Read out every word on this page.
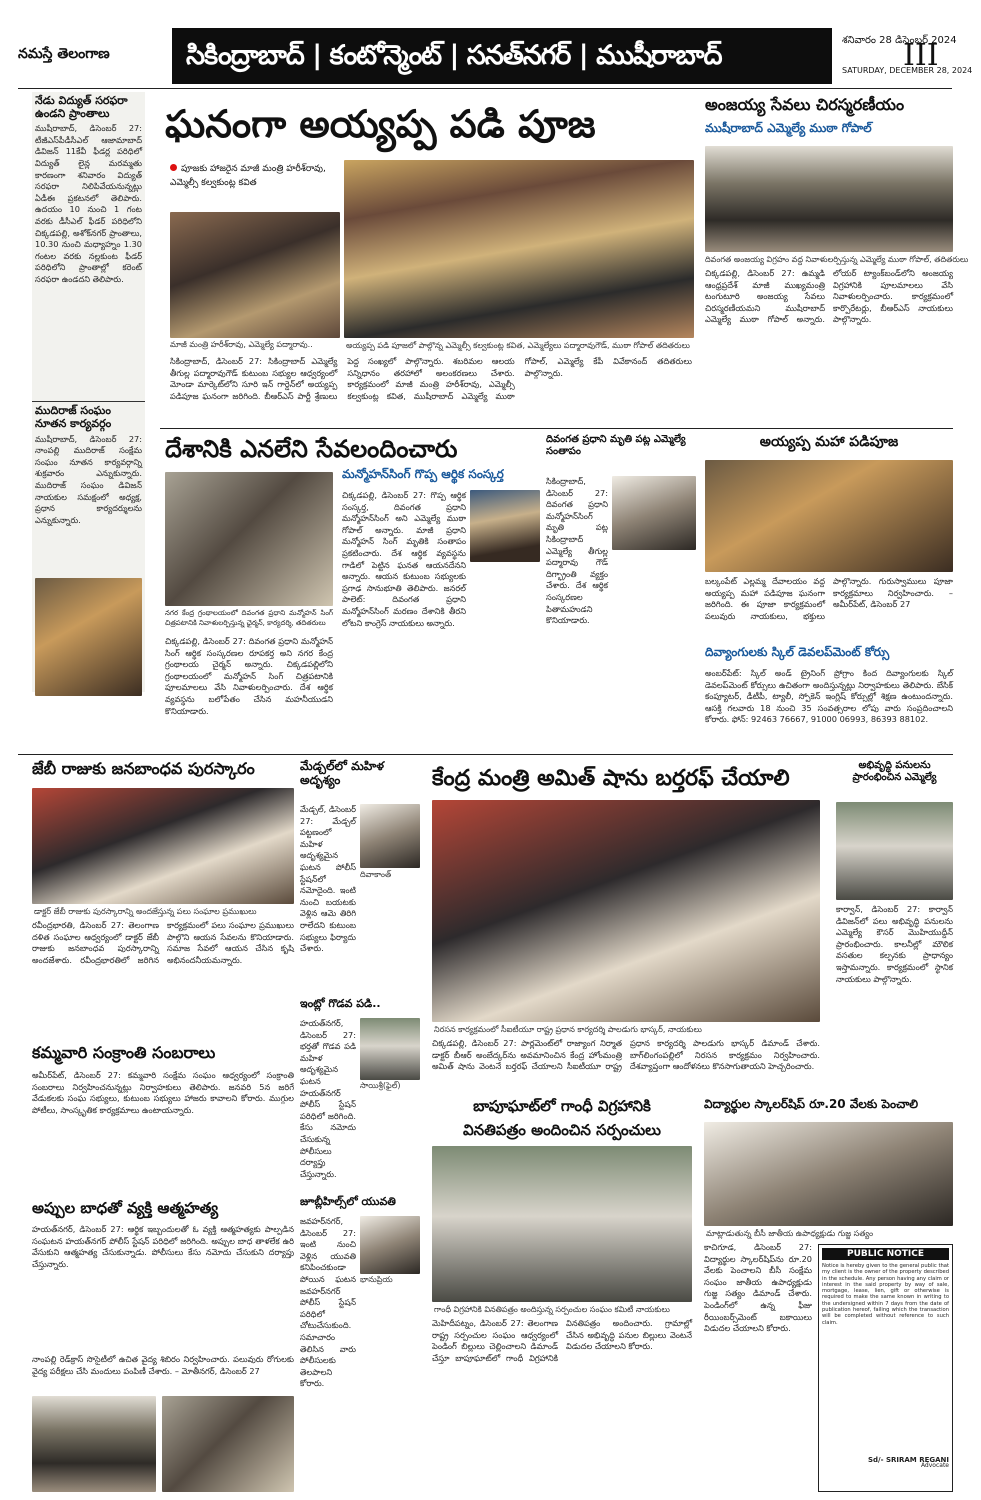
నమస్తే తెలంగాణ	సికింద్రాబాద్ | కంటోన్మెంట్ | సనత్‌నగర్ | ముషీరాబాద్	శనివారం 28 డిసెంబర్ 2024
SATURDAY, DECEMBER 28, 2024
III
నేడు విద్యుత్ సరఫరా ఉండని ప్రాంతాలు
ముషీరాబాద్, డిసెంబర్ 27: టీజీఎస్‌పీడీసీఎల్ ఆజామాబాద్ డివిజన్ 11కేవీ ఫీడర్ల పరిధిలో విద్యుత్ లైన్ల మరమ్మతు కారణంగా శనివారం విద్యుత్ సరఫరా నిలిపివేయనున్నట్లు ఏడీఈ ప్రకటనలో తెలిపారు. ఉదయం 10 నుంచి 1 గంట వరకు డీసీఎల్ ఫీడర్ పరిధిలోని చిక్కడపల్లి, అశోక్‌నగర్ ప్రాంతాలు, 10.30 నుంచి మధ్యాహ్నం 1.30 గంటల వరకు నల్లకుంట ఫీడర్ పరిధిలోని ప్రాంతాల్లో కరెంట్ సరఫరా ఉండదని తెలిపారు.
ముదిరాజ్ సంఘం నూతన కార్యవర్గం
ముషీరాబాద్, డిసెంబర్ 27: నాంపల్లి ముదిరాజ్ సంక్షేమ సంఘం నూతన కార్యవర్గాన్ని శుక్రవారం ఎన్నుకున్నారు. ముదిరాజ్ సంఘం డివిజన్ నాయకుల సమక్షంలో అధ్యక్ష, ప్రధాన కార్యదర్శులను ఎన్నుకున్నారు.
ఘనంగా అయ్యప్ప పడి పూజ
పూజకు హాజరైన మాజీ మంత్రి హరీశ్‌రావు, ఎమ్మెల్సీ కల్వకుంట్ల కవిత
మాజీ మంత్రి హరీశ్‌రావు, ఎమ్మెల్యే పద్మారావు..	అయ్యప్ప పడి పూజలో పాల్గొన్న ఎమ్మెల్సీ కల్వకుంట్ల కవిత, ఎమ్మెల్యేలు పద్మారావుగౌడ్, ముఠా గోపాల్ తదితరులు
సికింద్రాబాద్, డిసెంబర్ 27: సికింద్రాబాద్ ఎమ్మెల్యే తీగుల్ల పద్మారావుగౌడ్ కుటుంబ సభ్యుల ఆధ్వర్యంలో మోండా మార్కెట్‌లోని సూరి ఇన్ గార్డెన్‌లో అయ్యప్ప పడిపూజ ఘనంగా జరిగింది. బీఆర్ఎస్ పార్టీ శ్రేణులు పెద్ద సంఖ్యలో పాల్గొన్నారు. శబరిమల ఆలయ సన్నిధానం తరహాలో అలంకరణలు చేశారు. కార్యక్రమంలో మాజీ మంత్రి హరీశ్‌రావు, ఎమ్మెల్సీ కల్వకుంట్ల కవిత, ముషీరాబాద్ ఎమ్మెల్యే ముఠా గోపాల్, ఎమ్మెల్యే కేపీ వివేకానంద్ తదితరులు పాల్గొన్నారు.
అంజయ్య సేవలు చిరస్మరణీయం
ముషీరాబాద్ ఎమ్మెల్యే ముఠా గోపాల్
దివంగత అంజయ్య విగ్రహం వద్ద నివాళులర్పిస్తున్న ఎమ్మెల్యే ముఠా గోపాల్, తదితరులు
చిక్కడపల్లి, డిసెంబర్ 27: ఉమ్మడి ఆంధ్రప్రదేశ్ మాజీ ముఖ్యమంత్రి టంగుటూరి అంజయ్య సేవలు చిరస్మరణీయమని ముషీరాబాద్ ఎమ్మెల్యే ముఠా గోపాల్ అన్నారు. లోయర్ ట్యాంక్‌బండ్‌లోని అంజయ్య విగ్రహానికి పూలమాలలు వేసి నివాళులర్పించారు. కార్యక్రమంలో కార్పొరేటర్లు, బీఆర్ఎస్ నాయకులు పాల్గొన్నారు.
దేశానికి ఎనలేని సేవలందించారు
నగర కేంద్ర గ్రంథాలయంలో దివంగత ప్రధాని మన్మోహన్ సింగ్ చిత్రపటానికి నివాళులర్పిస్తున్న ఛైర్మన్, కార్యదర్శి, తదితరులు
చిక్కడపల్లి, డిసెంబర్ 27: దివంగత ప్రధాని మన్మోహన్ సింగ్ ఆర్థిక సంస్కరణల రూపకర్త అని నగర కేంద్ర గ్రంథాలయ చైర్మన్ అన్నారు. చిక్కడపల్లిలోని గ్రంథాలయంలో మన్మోహన్ సింగ్ చిత్రపటానికి పూలమాలలు వేసి నివాళులర్పించారు. దేశ ఆర్థిక వ్యవస్థను బలోపేతం చేసిన మహనీయుడని కొనియాడారు.
మన్మోహన్‌సింగ్ గొప్ప ఆర్థిక సంస్కర్త
చిక్కడపల్లి, డిసెంబర్ 27: గొప్ప ఆర్థిక సంస్కర్త, దివంగత ప్రధాని మన్మోహన్‌సింగ్ అని ఎమ్మెల్యే ముఠా గోపాల్ అన్నారు. మాజీ ప్రధాని మన్మోహన్ సింగ్ మృతికి సంతాపం ప్రకటించారు. దేశ ఆర్థిక వ్యవస్థను గాడిలో పెట్టిన ఘనత ఆయనదేనని అన్నారు. ఆయన కుటుంబ సభ్యులకు ప్రగాఢ సానుభూతి తెలిపారు. జనరల్ పాలెట్: దివంగత ప్రధాని మన్మోహన్‌సింగ్ మరణం దేశానికి తీరని లోటని కాంగ్రెస్ నాయకులు అన్నారు.
దివంగత ప్రధాని మృతి పట్ల ఎమ్మెల్యే సంతాపం
సికింద్రాబాద్, డిసెంబర్ 27: దివంగత ప్రధాని మన్మోహన్‌సింగ్ మృతి పట్ల సికింద్రాబాద్ ఎమ్మెల్యే తీగుల్ల పద్మారావు గౌడ్ దిగ్భ్రాంతి వ్యక్తం చేశారు. దేశ ఆర్థిక సంస్కరణల పితామహుడని కొనియాడారు.
అయ్యప్ప మహా పడిపూజ
బల్కంపేట్ ఎల్లమ్మ దేవాలయం వద్ద అయ్యప్ప మహా పడిపూజ ఘనంగా జరిగింది. ఈ పూజా కార్యక్రమంలో పలువురు నాయకులు, భక్తులు పాల్గొన్నారు. గురుస్వాములు పూజా కార్యక్రమాలు నిర్వహించారు. – అమీర్‌పేట్, డిసెంబర్ 27
దివ్యాంగులకు స్కిల్ డెవలప్‌మెంట్ కోర్సు
అంబర్‌పేట్: స్కిల్ అండ్ ట్రైనింగ్ ప్రోగ్రాం కింద దివ్యాంగులకు స్కిల్ డెవలప్‌మెంట్ కోర్సులు ఉచితంగా అందిస్తున్నట్లు నిర్వాహకులు తెలిపారు. బేసిక్ కంప్యూటర్, డీటీపీ, ట్యాలీ, స్పోకెన్ ఇంగ్లిష్ కోర్సుల్లో శిక్షణ ఉంటుందన్నారు. ఆసక్తి గలవారు 18 నుంచి 35 సంవత్సరాల లోపు వారు సంప్రదించాలని కోరారు. ఫోన్: 92463 76667, 91000 06993, 86393 88102.
జేబీ రాజుకు జనబాంధవ పురస్కారం
డాక్టర్ జేబీ రాజుకు పురస్కారాన్ని అందజేస్తున్న పలు సంఘాల ప్రముఖులు
రవీంద్రభారతి, డిసెంబర్ 27: తెలంగాణ దళిత సంఘాల ఆధ్వర్యంలో డాక్టర్ జేబీ రాజుకు జనబాంధవ పురస్కారాన్ని అందజేశారు. రవీంద్రభారతిలో జరిగిన కార్యక్రమంలో పలు సంఘాల ప్రముఖులు పాల్గొని ఆయన సేవలను కొనియాడారు. సమాజ సేవలో ఆయన చేసిన కృషి అభినందనీయమన్నారు.
మేడ్చల్‌లో మహిళ అదృశ్యం
దివాకాంత్
మేడ్చల్, డిసెంబర్ 27: మేడ్చల్ పట్టణంలో మహిళ అదృశ్యమైన ఘటన పోలీస్ స్టేషన్‌లో నమోదైంది. ఇంటి నుంచి బయటకు వెళ్లిన ఆమె తిరిగి రాలేదని కుటుంబ సభ్యులు ఫిర్యాదు చేశారు.
ఇంట్లో గొడవ పడి..
సాయిశ్రీ(ఫైల్)
హయత్‌నగర్, డిసెంబర్ 27: భర్తతో గొడవ పడి మహిళ అదృశ్యమైన ఘటన హయత్‌నగర్ పోలీస్ స్టేషన్ పరిధిలో జరిగింది. కేసు నమోదు చేసుకున్న పోలీసులు దర్యాప్తు చేస్తున్నారు.
జూబ్లీహిల్స్‌లో యువతి
భానుప్రియ
జవహర్‌నగర్, డిసెంబర్ 27: ఇంటి నుంచి వెళ్లిన యువతి కనిపించకుండా పోయిన ఘటన జవహర్‌నగర్ పోలీస్ స్టేషన్ పరిధిలో చోటుచేసుకుంది. సమాచారం తెలిసిన వారు పోలీసులకు తెలపాలని కోరారు.
కేంద్ర మంత్రి అమిత్ షాను బర్తరఫ్ చేయాలి
నిరసన కార్యక్రమంలో సీఐటీయూ రాష్ట్ర ప్రధాన కార్యదర్శి పాలడుగు భాస్కర్, నాయకులు
చిక్కడపల్లి, డిసెంబర్ 27: పార్లమెంట్‌లో రాజ్యాంగ నిర్మాత డాక్టర్ బీఆర్ అంబేద్కర్‌ను అవమానించిన కేంద్ర హోంమంత్రి అమిత్ షాను వెంటనే బర్తరఫ్ చేయాలని సీఐటీయూ రాష్ట్ర ప్రధాన కార్యదర్శి పాలడుగు భాస్కర్ డిమాండ్ చేశారు. బాగ్‌లింగంపల్లిలో నిరసన కార్యక్రమం నిర్వహించారు. దేశవ్యాప్తంగా ఆందోళనలు కొనసాగుతాయని హెచ్చరించారు.
అభివృద్ధి పనులను ప్రారంభించిన ఎమ్మెల్యే
కార్వాన్, డిసెంబర్ 27: కార్వాన్ డివిజన్‌లో పలు అభివృద్ధి పనులను ఎమ్మెల్యే కౌసర్ మొహియుద్దీన్ ప్రారంభించారు. కాలనీల్లో మౌలిక వసతుల కల్పనకు ప్రాధాన్యం ఇస్తామన్నారు. కార్యక్రమంలో స్థానిక నాయకులు పాల్గొన్నారు.
కమ్మవారి సంక్రాంతి సంబరాలు
అమీర్‌పేట్, డిసెంబర్ 27: కమ్మవారి సంక్షేమ సంఘం ఆధ్వర్యంలో సంక్రాంతి సంబరాలు నిర్వహించనున్నట్లు నిర్వాహకులు తెలిపారు. జనవరి 5న జరిగే వేడుకలకు సంఘ సభ్యులు, కుటుంబ సభ్యులు హాజరు కావాలని కోరారు. ముగ్గుల పోటీలు, సాంస్కృతిక కార్యక్రమాలు ఉంటాయన్నారు.
అప్పుల బాధతో వ్యక్తి ఆత్మహత్య
హయత్‌నగర్, డిసెంబర్ 27: ఆర్థిక ఇబ్బందులతో ఓ వ్యక్తి ఆత్మహత్యకు పాల్పడిన సంఘటన హయత్‌నగర్ పోలీస్ స్టేషన్ పరిధిలో జరిగింది. అప్పుల బాధ తాళలేక ఉరి వేసుకుని ఆత్మహత్య చేసుకున్నాడు. పోలీసులు కేసు నమోదు చేసుకుని దర్యాప్తు చేస్తున్నారు.
నాంపల్లి రెడ్‌క్రాస్ సొసైటీలో ఉచిత వైద్య శిబిరం నిర్వహించారు. పలువురు రోగులకు వైద్య పరీక్షలు చేసి మందులు పంపిణీ చేశారు. – మోతీనగర్, డిసెంబర్ 27
బాపూఘాట్‌లో గాంధీ విగ్రహానికి
వినతిపత్రం అందించిన సర్పంచులు
గాంధీ విగ్రహానికి వినతిపత్రం అందిస్తున్న సర్పంచుల సంఘం కమిటీ నాయకులు
మెహిదీపట్నం, డిసెంబర్ 27: తెలంగాణ రాష్ట్ర సర్పంచుల సంఘం ఆధ్వర్యంలో పెండింగ్ బిల్లులు చెల్లించాలని డిమాండ్ చేస్తూ బాపూఘాట్‌లో గాంధీ విగ్రహానికి వినతిపత్రం అందించారు. గ్రామాల్లో చేసిన అభివృద్ధి పనుల బిల్లులు వెంటనే విడుదల చేయాలని కోరారు.
విద్యార్థుల స్కాలర్‌షిప్ రూ.20 వేలకు పెంచాలి
మాట్లాడుతున్న బీసీ జాతీయ ఉపాధ్యక్షుడు గుజ్జ సత్యం
కాచిగూడ, డిసెంబర్ 27: విద్యార్థుల స్కాలర్‌షిప్‌ను రూ.20 వేలకు పెంచాలని బీసీ సంక్షేమ సంఘం జాతీయ ఉపాధ్యక్షుడు గుజ్జ సత్యం డిమాండ్ చేశారు. పెండింగ్‌లో ఉన్న ఫీజు రీయింబర్స్‌మెంట్ బకాయిలు విడుదల చేయాలని కోరారు.
PUBLIC NOTICE
Notice is hereby given to the general public that my client is the owner of the property described in the schedule. Any person having any claim or interest in the said property by way of sale, mortgage, lease, lien, gift or otherwise is required to make the same known in writing to the undersigned within 7 days from the date of publication hereof, failing which the transaction will be completed without reference to such claim.
Sd/- SRIRAM REGANI
Advocate
